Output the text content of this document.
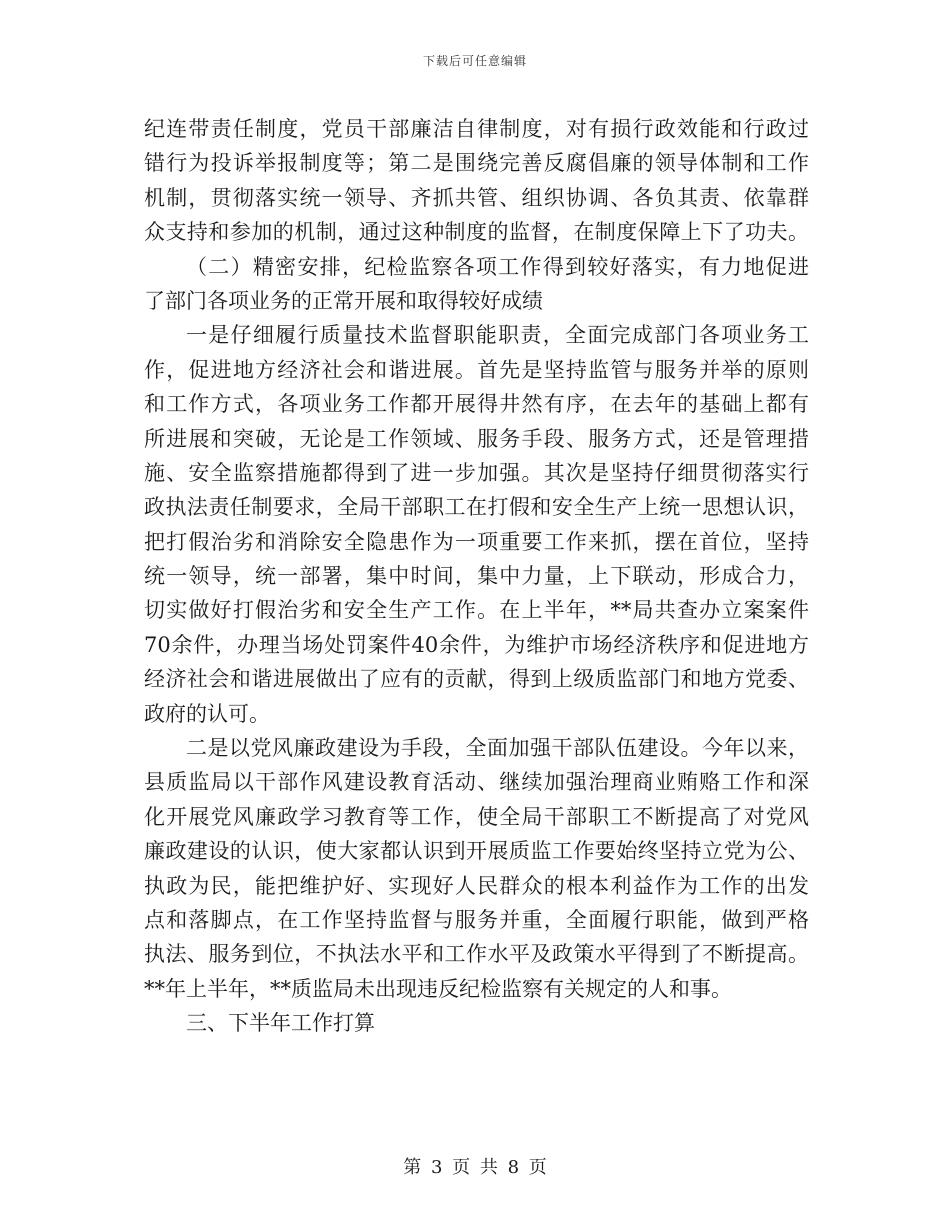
下载后可任意编辑
纪连带责任制度，党员干部廉洁自律制度，对有损行政效能和行政过
错行为投诉举报制度等；第二是围绕完善反腐倡廉的领导体制和工作
机制，贯彻落实统一领导、齐抓共管、组织协调、各负其责、依靠群
众支持和参加的机制，通过这种制度的监督，在制度保障上下了功夫。
（二）精密安排，纪检监察各项工作得到较好落实，有力地促进
了部门各项业务的正常开展和取得较好成绩
一是仔细履行质量技术监督职能职责，全面完成部门各项业务工
作，促进地方经济社会和谐进展。首先是坚持监管与服务并举的原则
和工作方式，各项业务工作都开展得井然有序，在去年的基础上都有
所进展和突破，无论是工作领域、服务手段、服务方式，还是管理措
施、安全监察措施都得到了进一步加强。其次是坚持仔细贯彻落实行
政执法责任制要求，全局干部职工在打假和安全生产上统一思想认识，
把打假治劣和消除安全隐患作为一项重要工作来抓，摆在首位，坚持
统一领导，统一部署，集中时间，集中力量，上下联动，形成合力，
切实做好打假治劣和安全生产工作。在上半年，**局共查办立案案件
70余件，办理当场处罚案件40余件，为维护市场经济秩序和促进地方
经济社会和谐进展做出了应有的贡献，得到上级质监部门和地方党委、
政府的认可。
二是以党风廉政建设为手段，全面加强干部队伍建设。今年以来，
县质监局以干部作风建设教育活动、继续加强治理商业贿赂工作和深
化开展党风廉政学习教育等工作，使全局干部职工不断提高了对党风
廉政建设的认识，使大家都认识到开展质监工作要始终坚持立党为公、
执政为民，能把维护好、实现好人民群众的根本利益作为工作的出发
点和落脚点，在工作坚持监督与服务并重，全面履行职能，做到严格
执法、服务到位，不执法水平和工作水平及政策水平得到了不断提高。
**年上半年，**质监局未出现违反纪检监察有关规定的人和事。
三、下半年工作打算
第 3 页 共 8 页
